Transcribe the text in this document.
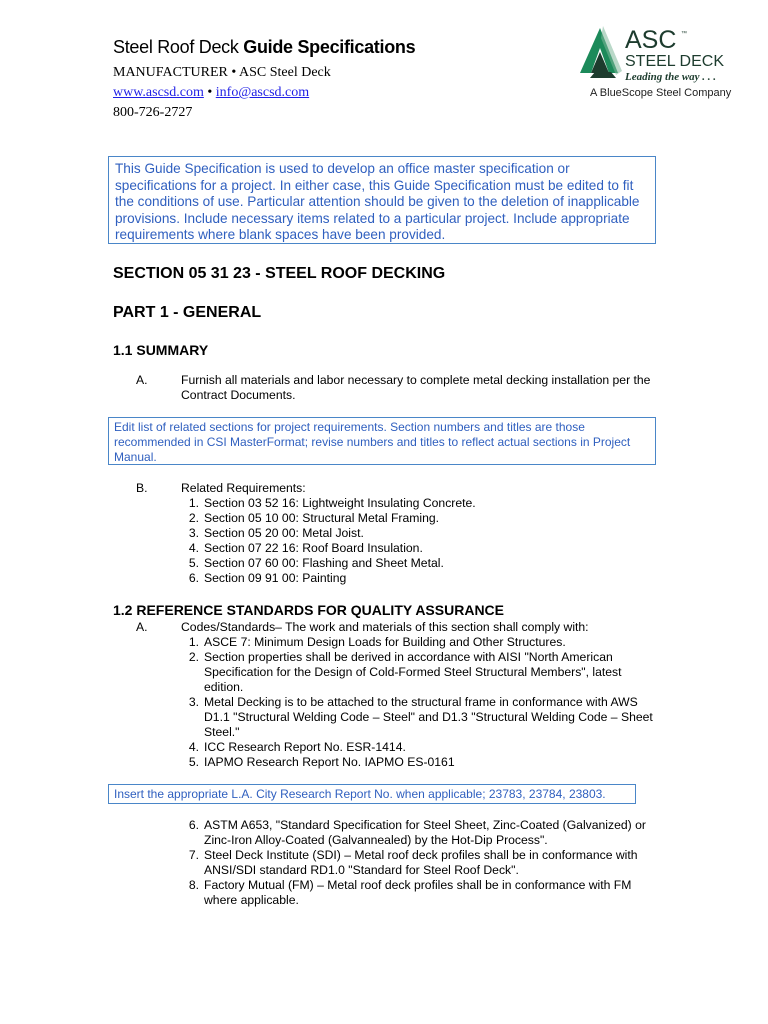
Steel Roof Deck Guide Specifications
MANUFACTURER • ASC Steel Deck
www.ascsd.com • info@ascsd.com
800-726-2727
ASC ™
STEEL DECK
Leading the way . . .
A BlueScope Steel Company
This Guide Specification is used to develop an office master specification or specifications for a project. In either case, this Guide Specification must be edited to fit the conditions of use. Particular attention should be given to the deletion of inapplicable provisions. Include necessary items related to a particular project. Include appropriate requirements where blank spaces have been provided.
SECTION 05 31 23 - STEEL ROOF DECKING
PART 1 - GENERAL
1.1 SUMMARY
A.	Furnish all materials and labor necessary to complete metal decking installation per the Contract Documents.
Edit list of related sections for project requirements. Section numbers and titles are those recommended in CSI MasterFormat; revise numbers and titles to reflect actual sections in Project Manual.
B.	Related Requirements:
1. Section 03 52 16: Lightweight Insulating Concrete.
2. Section 05 10 00: Structural Metal Framing.
3. Section 05 20 00: Metal Joist.
4. Section 07 22 16: Roof Board Insulation.
5. Section 07 60 00: Flashing and Sheet Metal.
6. Section 09 91 00: Painting
1.2 REFERENCE STANDARDS FOR QUALITY ASSURANCE
A.	Codes/Standards– The work and materials of this section shall comply with:
1. ASCE 7: Minimum Design Loads for Building and Other Structures.
2. Section properties shall be derived in accordance with AISI "North American Specification for the Design of Cold-Formed Steel Structural Members", latest edition.
3. Metal Decking is to be attached to the structural frame in conformance with AWS D1.1 "Structural Welding Code – Steel" and D1.3 "Structural Welding Code – Sheet Steel."
4. ICC Research Report No. ESR-1414.
5. IAPMO Research Report No. IAPMO ES-0161
Insert the appropriate L.A. City Research Report No. when applicable; 23783, 23784, 23803.
6. ASTM A653, "Standard Specification for Steel Sheet, Zinc-Coated (Galvanized) or Zinc-Iron Alloy-Coated (Galvannealed) by the Hot-Dip Process".
7. Steel Deck Institute (SDI) – Metal roof deck profiles shall be in conformance with ANSI/SDI standard RD1.0 "Standard for Steel Roof Deck".
8. Factory Mutual (FM) – Metal roof deck profiles shall be in conformance with FM where applicable.
